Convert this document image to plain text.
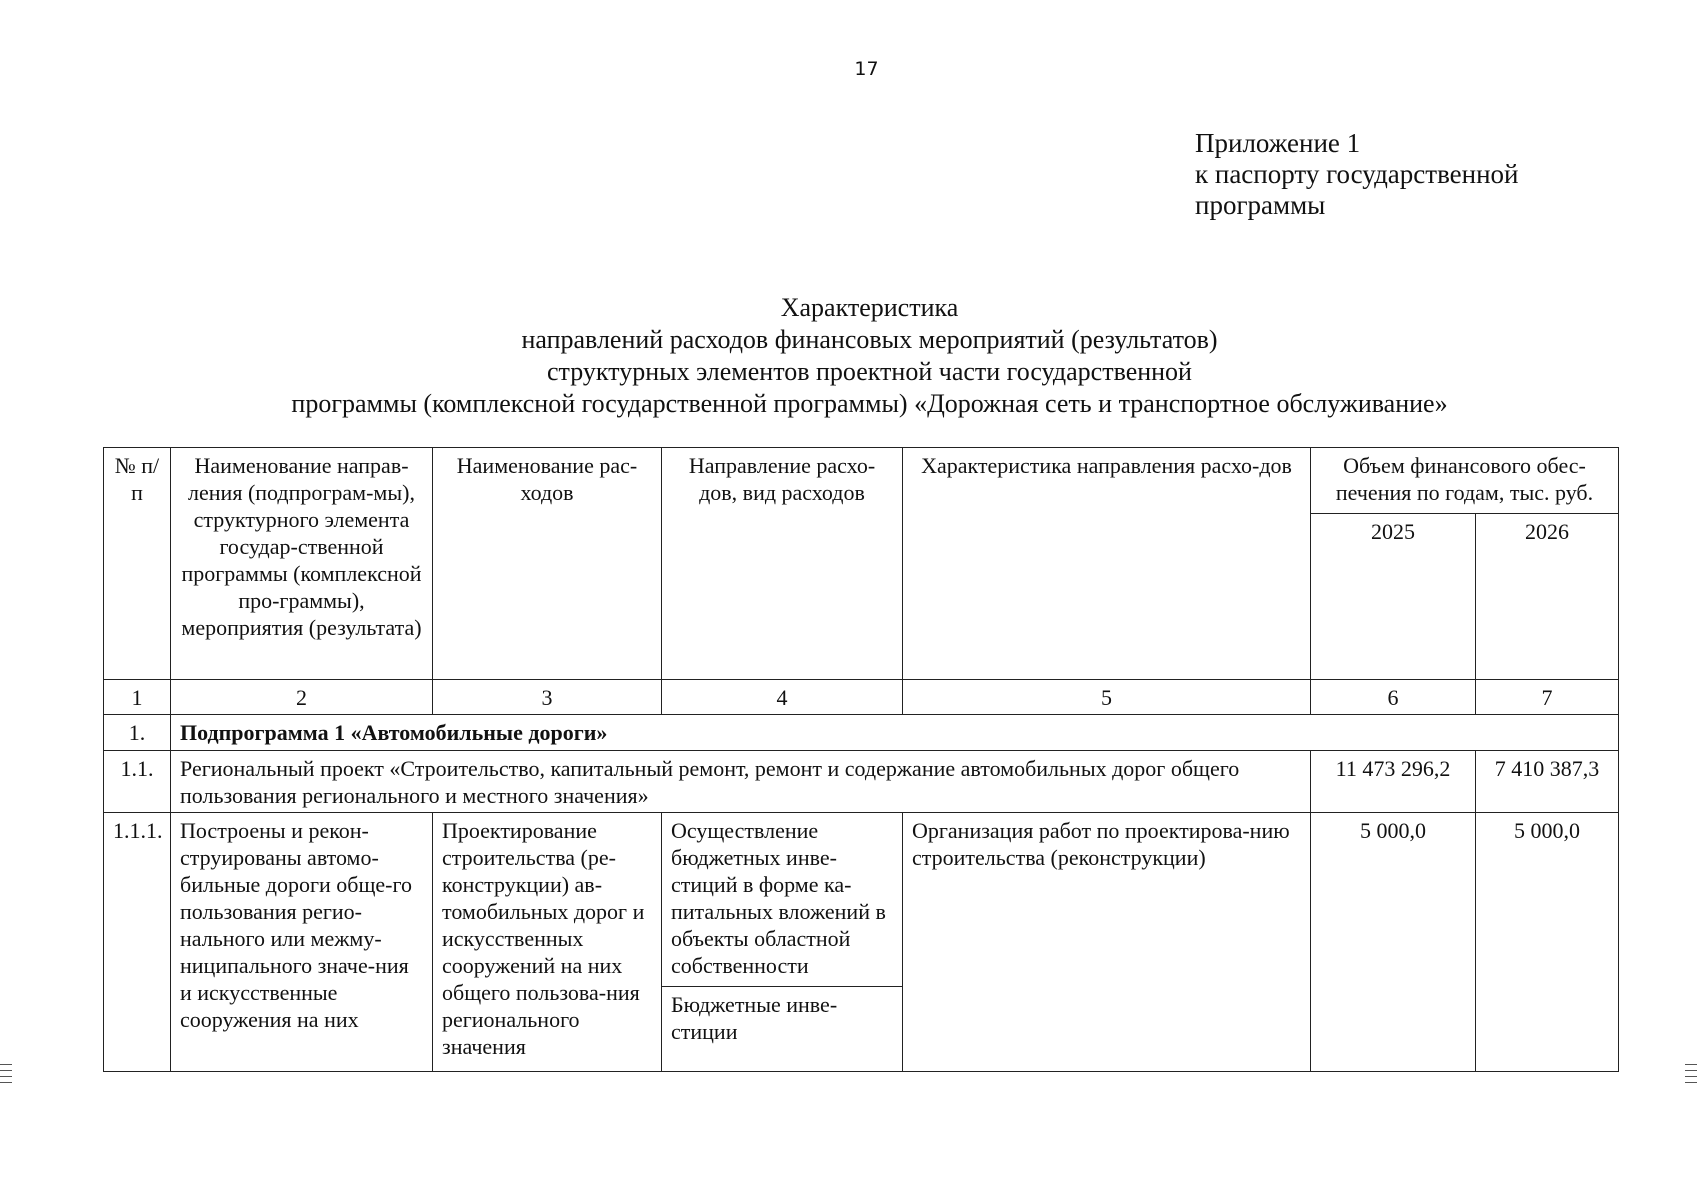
17
Приложение 1
к паспорту государственной
программы
Характеристика
направлений расходов финансовых мероприятий (результатов)
структурных элементов проектной части государственной
программы (комплексной государственной программы) «Дорожная сеть и транспортное обслуживание»
№ п/п	Наименование направ-ления (подпрограм-мы), структурного элемента государ-ственной программы (комплексной про-граммы), мероприятия (результата)	Наименование рас-ходов	Направление расхо-дов, вид расходов	Характеристика направления расхо-дов	Объем финансового обес-печения по годам, тыс. руб.	
					2025	2026
1	2	3	4	5	6	7
1.	Подпрограмма 1 «Автомобильные дороги»					
1.1.	Региональный проект «Строительство, капитальный ремонт, ремонт и содержание автомобильных дорог общего пользования регионального и местного значения»				11 473 296,2	7 410 387,3
1.1.1.	Построены и рекон-струированы автомо-бильные дороги обще-го пользования регио-нального или межму-ниципального значе-ния и искусственные сооружения на них	Проектирование строительства (ре-конструкции) ав-томобильных дорог и искусственных сооружений на них общего пользова-ния регионального значения	Осуществление бюджетных инве-стиций в форме ка-питальных вложений в объекты областной собственности	Организация работ по проектирова-нию строительства (реконструкции)	5 000,0	5 000,0
			Бюджетные инве-стиции			
